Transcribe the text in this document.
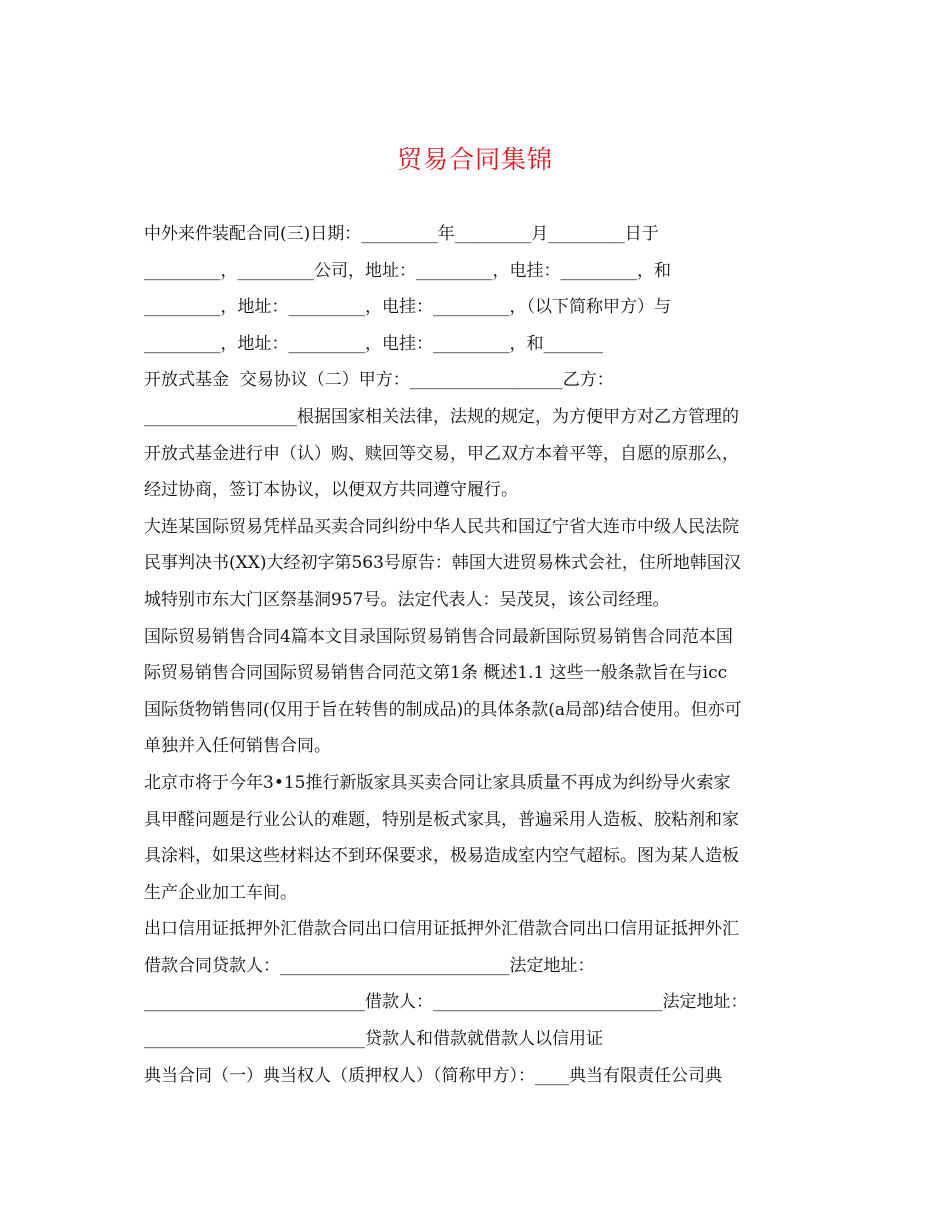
贸易合同集锦
中外来件装配合同(三)日期：_________年_________月_________日于
_________，_________公司，地址：_________，电挂：_________，和
_________，地址：_________，电挂：_________，（以下简称甲方）与
_________，地址：_________，电挂：_________，和_______
开放式基金  交易协议（二）甲方：__________________乙方：
__________________根据国家相关法律，法规的规定，为方便甲方对乙方管理的
开放式基金进行申（认）购、赎回等交易，甲乙双方本着平等，自愿的原那么，
经过协商，签订本协议，以便双方共同遵守履行。
大连某国际贸易凭样品买卖合同纠纷中华人民共和国辽宁省大连市中级人民法院
民事判决书(XX)大经初字第563号原告：韩国大进贸易株式会社，住所地韩国汉
城特别市东大门区祭基洞957号。法定代表人：吴茂炅，该公司经理。
国际贸易销售合同4篇本文目录国际贸易销售合同最新国际贸易销售合同范本国
际贸易销售合同国际贸易销售合同范文第1条 概述1.1 这些一般条款旨在与icc
国际货物销售同(仅用于旨在转售的制成品)的具体条款(a局部)结合使用。但亦可
单独并入任何销售合同。
北京市将于今年3•15推行新版家具买卖合同让家具质量不再成为纠纷导火索家
具甲醛问题是行业公认的难题，特别是板式家具，普遍采用人造板、胶粘剂和家
具涂料，如果这些材料达不到环保要求，极易造成室内空气超标。图为某人造板
生产企业加工车间。
出口信用证抵押外汇借款合同出口信用证抵押外汇借款合同出口信用证抵押外汇
借款合同贷款人：___________________________法定地址：
__________________________借款人：___________________________法定地址：
__________________________贷款人和借款就借款人以信用证
典当合同（一）典当权人（质押权人）（简称甲方）：____典当有限责任公司典
